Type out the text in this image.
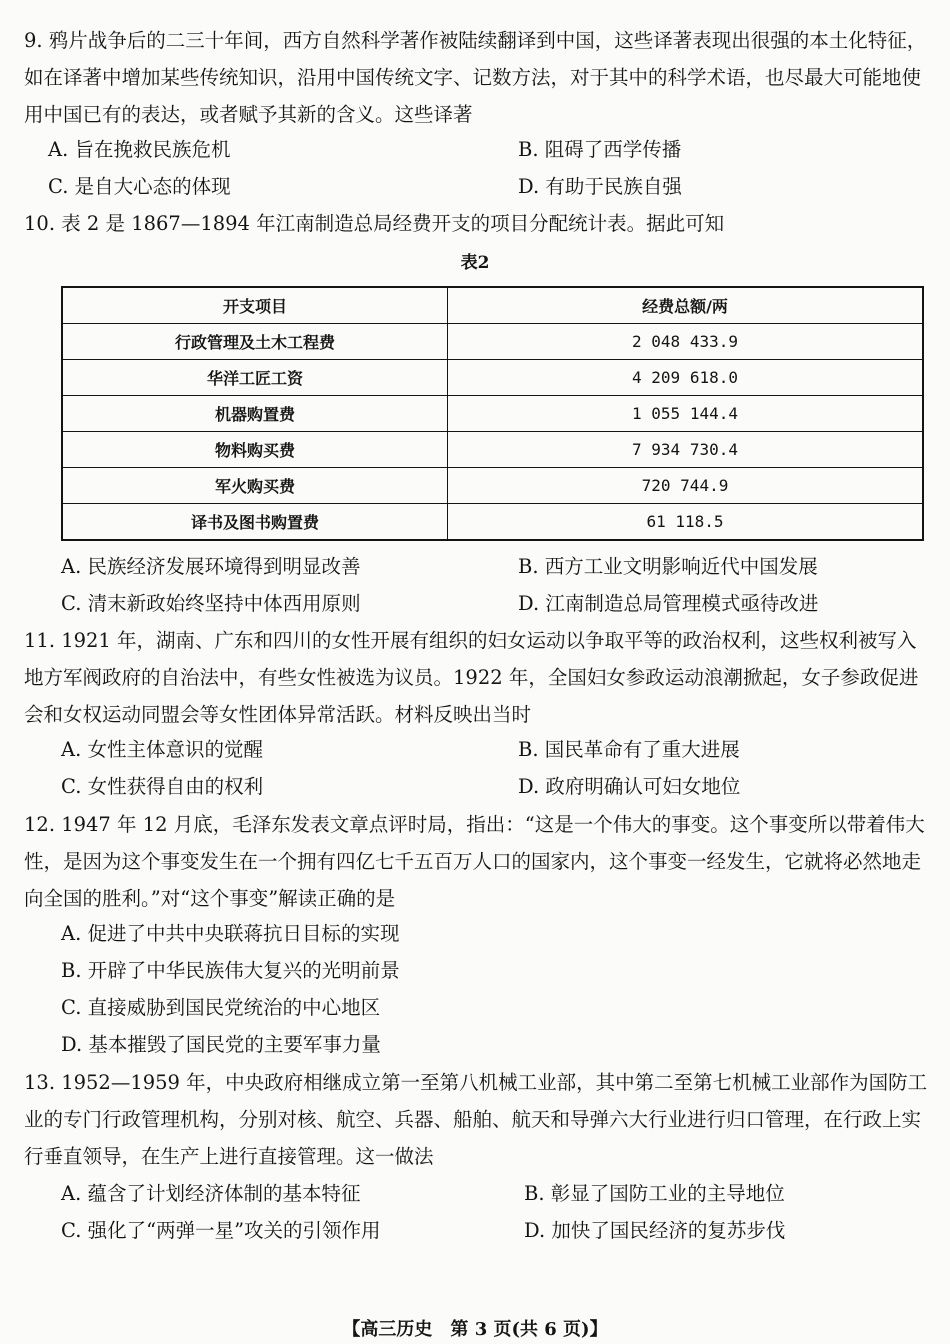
9. 鸦片战争后的二三十年间，西方自然科学著作被陆续翻译到中国，这些译著表现出很强的本土化特征，如在译著中增加某些传统知识，沿用中国传统文字、记数方法，对于其中的科学术语，也尽最大可能地使用中国已有的表达，或者赋予其新的含义。这些译著

A. 旨在挽救民族危机	B. 阻碍了西学传播
C. 是自大心态的体现	D. 有助于民族自强

10. 表 2 是 1867—1894 年江南制造总局经费开支的项目分配统计表。据此可知

表2
开支项目	经费总额/两
行政管理及土木工程费	2 048 433.9
华洋工匠工资	4 209 618.0
机器购置费	1 055 144.4
物料购买费	7 934 730.4
军火购买费	720 744.9
译书及图书购置费	61 118.5
A. 民族经济发展环境得到明显改善	B. 西方工业文明影响近代中国发展
C. 清末新政始终坚持中体西用原则	D. 江南制造总局管理模式亟待改进

11. 1921 年，湖南、广东和四川的女性开展有组织的妇女运动以争取平等的政治权利，这些权利被写入地方军阀政府的自治法中，有些女性被选为议员。1922 年，全国妇女参政运动浪潮掀起，女子参政促进会和女权运动同盟会等女性团体异常活跃。材料反映出当时

A. 女性主体意识的觉醒	B. 国民革命有了重大进展
C. 女性获得自由的权利	D. 政府明确认可妇女地位

12. 1947 年 12 月底，毛泽东发表文章点评时局，指出：“这是一个伟大的事变。这个事变所以带着伟大性，是因为这个事变发生在一个拥有四亿七千五百万人口的国家内，这个事变一经发生，它就将必然地走向全国的胜利。”对“这个事变”解读正确的是

A. 促进了中共中央联蒋抗日目标的实现
B. 开辟了中华民族伟大复兴的光明前景
C. 直接威胁到国民党统治的中心地区
D. 基本摧毁了国民党的主要军事力量

13. 1952—1959 年，中央政府相继成立第一至第八机械工业部，其中第二至第七机械工业部作为国防工业的专门行政管理机构，分别对核、航空、兵器、船舶、航天和导弹六大行业进行归口管理，在行政上实行垂直领导，在生产上进行直接管理。这一做法

A. 蕴含了计划经济体制的基本特征	B. 彰显了国防工业的主导地位
C. 强化了“两弹一星”攻关的引领作用	D. 加快了国民经济的复苏步伐
【高三历史　第 3 页(共 6 页)】
